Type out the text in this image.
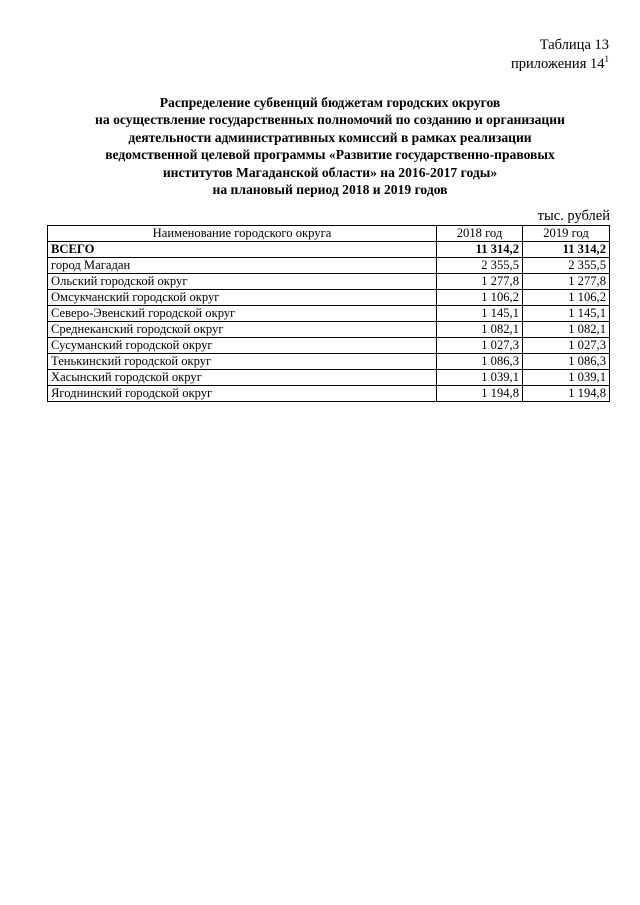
Таблица 13
приложения $14^1$
Распределение субвенций бюджетам городских округов
на осуществление государственных полномочий по созданию и организации
деятельности административных комиссий в рамках реализации
ведомственной целевой программы «Развитие государственно-правовых
институтов Магаданской области» на 2016-2017 годы»
на плановый период 2018 и 2019 годов
тыс. рублей
Наименование городского округа	2018 год	2019 год
ВСЕГО	11 314,2	11 314,2
город Магадан	2 355,5	2 355,5
Ольский городской округ	1 277,8	1 277,8
Омсукчанский городской округ	1 106,2	1 106,2
Северо-Эвенский городской округ	1 145,1	1 145,1
Среднеканский городской округ	1 082,1	1 082,1
Сусуманский городской округ	1 027,3	1 027,3
Тенькинский городской округ	1 086,3	1 086,3
Хасынский городской округ	1 039,1	1 039,1
Ягоднинский городской округ	1 194,8	1 194,8
